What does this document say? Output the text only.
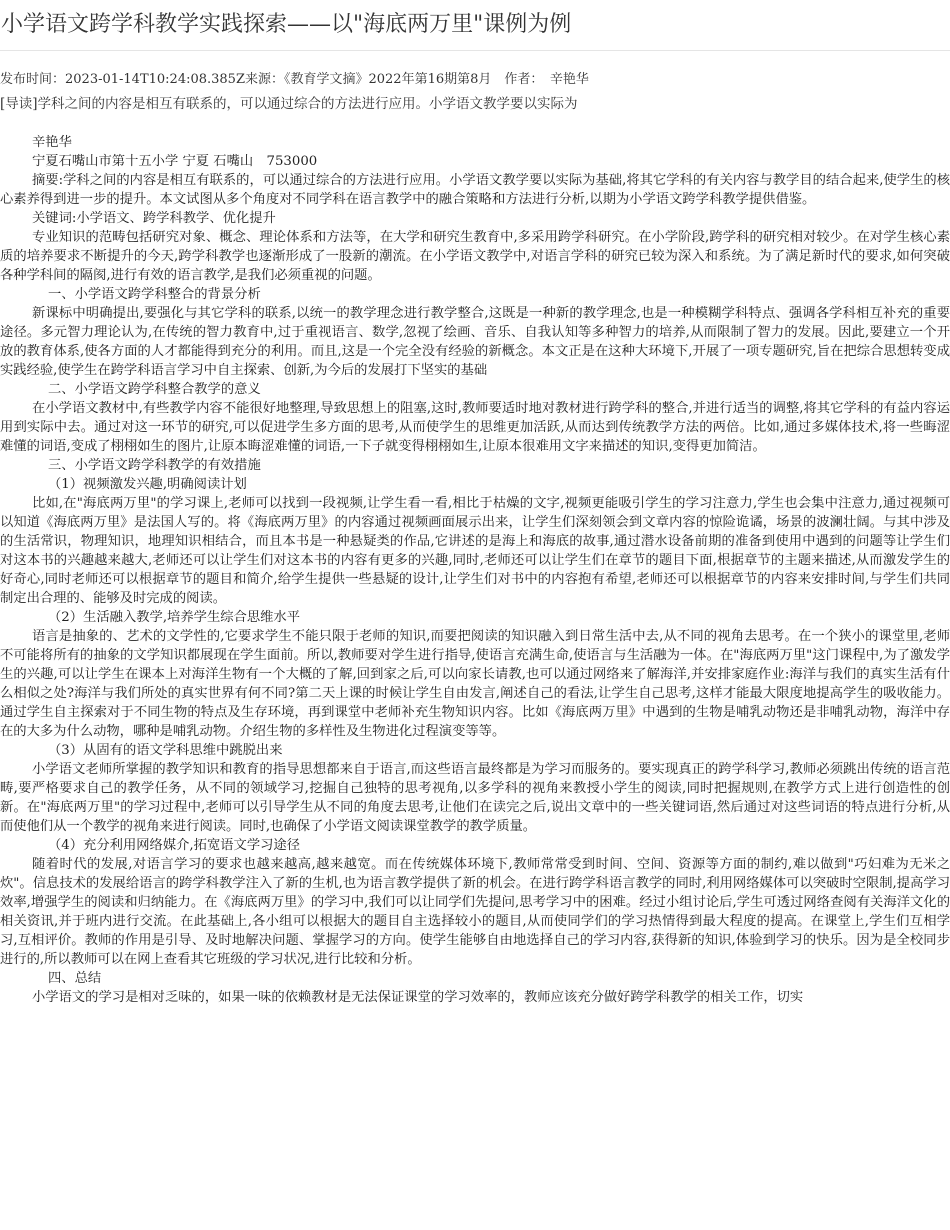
小学语文跨学科教学实践探索——以"海底两万里"课例为例
发布时间：2023-01-14T10:24:08.385Z来源：《教育学文摘》2022年第16期第8月　作者：　辛艳华
[导读]学科之间的内容是相互有联系的，可以通过综合的方法进行应用。小学语文教学要以实际为

辛艳华

宁夏石嘴山市第十五小学 宁夏 石嘴山　753000

摘要:学科之间的内容是相互有联系的，可以通过综合的方法进行应用。小学语文教学要以实际为基础,将其它学科的有关内容与教学目的结合起来,使学生的核心素养得到进一步的提升。本文试图从多个角度对不同学科在语言教学中的融合策略和方法进行分析,以期为小学语文跨学科教学提供借鉴。

关键词:小学语文、跨学科教学、优化提升

专业知识的范畴包括研究对象、概念、理论体系和方法等，在大学和研究生教育中,多采用跨学科研究。在小学阶段,跨学科的研究相对较少。在对学生核心素质的培养要求不断提升的今天,跨学科教学也逐渐形成了一股新的潮流。在小学语文教学中,对语言学科的研究已较为深入和系统。为了满足新时代的要求,如何突破各种学科间的隔阂,进行有效的语言教学,是我们必须重视的问题。

一、小学语文跨学科整合的背景分析

新课标中明确提出,要强化与其它学科的联系,以统一的教学理念进行教学整合,这既是一种新的教学理念,也是一种模糊学科特点、强调各学科相互补充的重要途径。多元智力理论认为,在传统的智力教育中,过于重视语言、数学,忽视了绘画、音乐、自我认知等多种智力的培养,从而限制了智力的发展。因此,要建立一个开放的教育体系,使各方面的人才都能得到充分的利用。而且,这是一个完全没有经验的新概念。本文正是在这种大环境下,开展了一项专题研究,旨在把综合思想转变成实践经验,使学生在跨学科语言学习中自主探索、创新,为今后的发展打下坚实的基础

二、小学语文跨学科整合教学的意义

在小学语文教材中,有些教学内容不能很好地整理,导致思想上的阻塞,这时,教师要适时地对教材进行跨学科的整合,并进行适当的调整,将其它学科的有益内容运用到实际中去。通过对这一环节的研究,可以促进学生多方面的思考,从而使学生的思维更加活跃,从而达到传统教学方法的两倍。比如,通过多媒体技术,将一些晦涩难懂的词语,变成了栩栩如生的图片,让原本晦涩难懂的词语,一下子就变得栩栩如生,让原本很难用文字来描述的知识,变得更加简洁。

三、小学语文跨学科教学的有效措施

（1）视频激发兴趣,明确阅读计划

比如,在"海底两万里"的学习课上,老师可以找到一段视频,让学生看一看,相比于枯燥的文字,视频更能吸引学生的学习注意力,学生也会集中注意力,通过视频可以知道《海底两万里》是法国人写的。将《海底两万里》的内容通过视频画面展示出来，让学生们深刻领会到文章内容的惊险诡谲，场景的波澜壮阔。与其中涉及的生活常识，物理知识，地理知识相结合，而且本书是一种悬疑类的作品,它讲述的是海上和海底的故事,通过潜水设备前期的准备到使用中遇到的问题等让学生们对这本书的兴趣越来越大,老师还可以让学生们对这本书的内容有更多的兴趣,同时,老师还可以让学生们在章节的题目下面,根据章节的主题来描述,从而激发学生的好奇心,同时老师还可以根据章节的题目和简介,给学生提供一些悬疑的设计,让学生们对书中的内容抱有希望,老师还可以根据章节的内容来安排时间,与学生们共同制定出合理的、能够及时完成的阅读。

（2）生活融入教学,培养学生综合思维水平

语言是抽象的、艺术的文学性的,它要求学生不能只限于老师的知识,而要把阅读的知识融入到日常生活中去,从不同的视角去思考。在一个狭小的课堂里,老师不可能将所有的抽象的文学知识都展现在学生面前。所以,教师要对学生进行指导,使语言充满生命,使语言与生活融为一体。在"海底两万里"这门课程中,为了激发学生的兴趣,可以让学生在课本上对海洋生物有一个大概的了解,回到家之后,可以向家长请教,也可以通过网络来了解海洋,并安排家庭作业:海洋与我们的真实生活有什么相似之处?海洋与我们所处的真实世界有何不同?第二天上课的时候让学生自由发言,阐述自己的看法,让学生自己思考,这样才能最大限度地提高学生的吸收能力。通过学生自主探索对于不同生物的特点及生存环境，再到课堂中老师补充生物知识内容。比如《海底两万里》中遇到的生物是哺乳动物还是非哺乳动物，海洋中存在的大多为什么动物，哪种是哺乳动物。介绍生物的多样性及生物进化过程演变等等。

（3）从固有的语文学科思维中跳脱出来

小学语文老师所掌握的教学知识和教育的指导思想都来自于语言,而这些语言最终都是为学习而服务的。要实现真正的跨学科学习,教师必须跳出传统的语言范畴,要严格要求自己的教学任务，从不同的领域学习,挖掘自己独特的思考视角,以多学科的视角来教授小学生的阅读,同时把握规则,在教学方式上进行创造性的创新。在"海底两万里"的学习过程中,老师可以引导学生从不同的角度去思考,让他们在读完之后,说出文章中的一些关键词语,然后通过对这些词语的特点进行分析,从而使他们从一个教学的视角来进行阅读。同时,也确保了小学语文阅读课堂教学的教学质量。

（4）充分利用网络媒介,拓宽语文学习途径

随着时代的发展,对语言学习的要求也越来越高,越来越宽。而在传统媒体环境下,教师常常受到时间、空间、资源等方面的制约,难以做到"巧妇难为无米之炊"。信息技术的发展给语言的跨学科教学注入了新的生机,也为语言教学提供了新的机会。在进行跨学科语言教学的同时,利用网络媒体可以突破时空限制,提高学习效率,增强学生的阅读和归纳能力。在《海底两万里》的学习中,我们可以让同学们先提问,思考学习中的困难。经过小组讨论后,学生可透过网络查阅有关海洋文化的相关资讯,并于班内进行交流。在此基础上,各小组可以根据大的题目自主选择较小的题目,从而使同学们的学习热情得到最大程度的提高。在课堂上,学生们互相学习,互相评价。教师的作用是引导、及时地解决问题、掌握学习的方向。使学生能够自由地选择自己的学习内容,获得新的知识,体验到学习的快乐。因为是全校同步进行的,所以教师可以在网上查看其它班级的学习状况,进行比较和分析。

四、总结

小学语文的学习是相对乏味的，如果一味的依赖教材是无法保证课堂的学习效率的，教师应该充分做好跨学科教学的相关工作，切实
